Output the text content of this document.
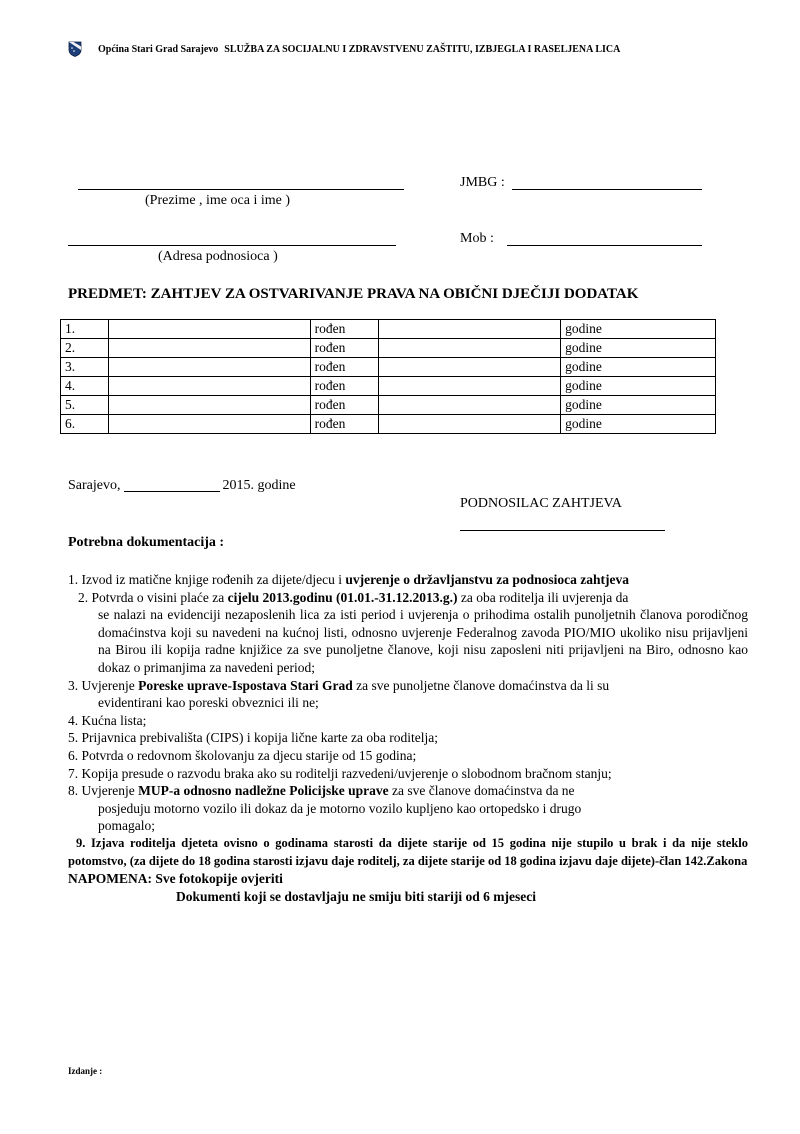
Općina Stari Grad Sarajevo SLUŽBA ZA SOCIJALNU I ZDRAVSTVENU ZAŠTITU, IZBJEGLA I RASELJENA LICA
(Prezime , ime oca i ime )
JMBG :
(Adresa podnosioca )
Mob :
PREDMET: ZAHTJEV ZA OSTVARIVANJE PRAVA NA OBIČNI DJEČIJI DODATAK
1.		rođen		godine
2.		rođen		godine
3.		rođen		godine
4.		rođen		godine
5.		rođen		godine
6.		rođen		godine
Sarajevo,	2015. godine
PODNOSILAC ZAHTJEVA
Potrebna dokumentacija :

1. Izvod iz matične knjige rođenih za dijete/djecu i uvjerenje o državljanstvu za podnosioca zahtjeva

2. Potvrda o visini plaće za cijelu 2013.godinu (01.01.-31.12.2013.g.) za oba roditelja ili uvjerenja da

se nalazi na evidenciji nezaposlenih lica za isti period i uvjerenja o prihodima ostalih punoljetnih članova porodičnog domaćinstva koji su navedeni na kućnoj listi, odnosno uvjerenje Federalnog zavoda PIO/MIO ukoliko nisu prijavljeni na Birou ili kopija radne knjižice za sve punoljetne članove, koji nisu zaposleni niti prijavljeni na Biro, odnosno kao dokaz o primanjima za navedeni period;

3. Uvjerenje Poreske uprave-Ispostava Stari Grad za sve punoljetne članove domaćinstva da li su

evidentirani kao poreski obveznici ili ne;

4. Kućna lista;

5. Prijavnica prebivališta (CIPS) i kopija lične karte za oba roditelja;

6. Potvrda o redovnom školovanju za djecu starije od 15 godina;

7. Kopija presude o razvodu braka ako su roditelji razvedeni/uvjerenje o slobodnom bračnom stanju;

8. Uvjerenje MUP-a odnosno nadležne Policijske uprave za sve članove domaćinstva da ne

posjeduju motorno vozilo ili dokaz da je motorno vozilo kupljeno kao ortopedsko i drugo

pomagalo;

9. Izjava roditelja djeteta ovisno o godinama starosti da dijete starije od 15 godina nije stupilo u brak i da nije steklo potomstvo, (za dijete do 18 godina starosti izjavu daje roditelj, za dijete starije od 18 godina izjavu daje dijete)-član 142.Zakona

NAPOMENA: Sve fotokopije ovjeriti

Dokumenti koji se dostavljaju ne smiju biti stariji od 6 mjeseci

Izdanje :
